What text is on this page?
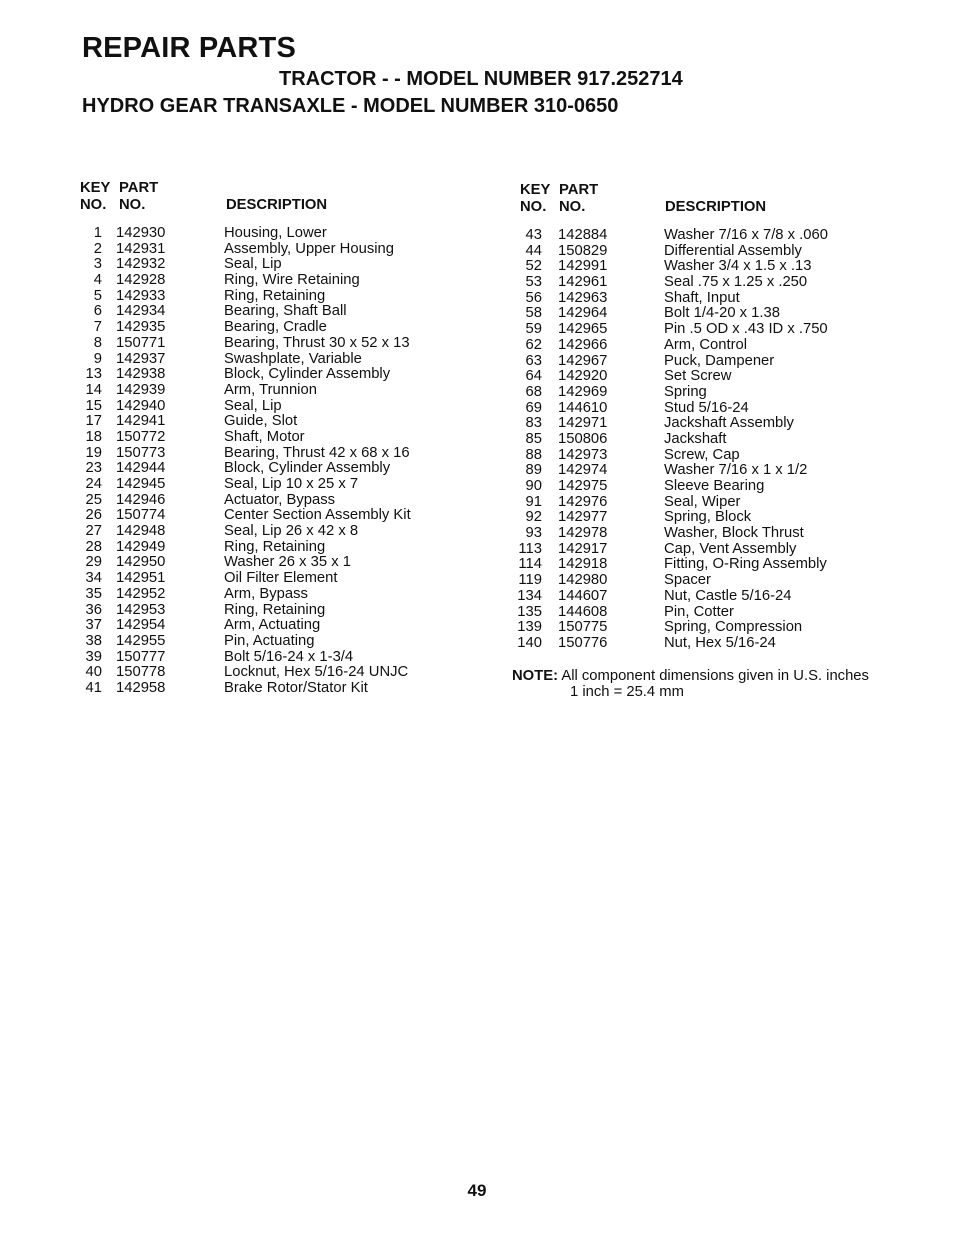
REPAIR PARTS
TRACTOR - - MODEL NUMBER 917.252714
HYDRO GEAR TRANSAXLE - MODEL NUMBER 310-0650
KEY
NO.
PART
NO.	DESCRIPTION
1 142930	Housing, Lower
2 142931	Assembly, Upper Housing
3 142932	Seal, Lip
4 142928	Ring, Wire Retaining
5 142933	Ring, Retaining
6 142934	Bearing, Shaft Ball
7 142935	Bearing, Cradle
8 150771	Bearing, Thrust 30 x 52 x 13
9 142937	Swashplate, Variable
13 142938	Block, Cylinder Assembly
14 142939	Arm, Trunnion
15 142940	Seal, Lip
17 142941	Guide, Slot
18 150772	Shaft, Motor
19 150773	Bearing, Thrust 42 x 68 x 16
23 142944	Block, Cylinder Assembly
24 142945	Seal, Lip 10 x 25 x 7
25 142946	Actuator, Bypass
26 150774	Center Section Assembly Kit
27 142948	Seal, Lip 26 x 42 x 8
28 142949	Ring, Retaining
29 142950	Washer 26 x 35 x 1
34 142951	Oil Filter Element
35 142952	Arm, Bypass
36 142953	Ring, Retaining
37 142954	Arm, Actuating
38 142955	Pin, Actuating
39 150777	Bolt 5/16-24 x 1-3/4
40 150778	Locknut, Hex 5/16-24 UNJC
41 142958	Brake Rotor/Stator Kit
KEY
NO.
PART
NO.	DESCRIPTION
43 142884	Washer 7/16 x 7/8 x .060
44 150829	Differential Assembly
52 142991	Washer 3/4 x 1.5 x .13
53 142961	Seal .75 x 1.25 x .250
56 142963	Shaft, Input
58 142964	Bolt 1/4-20 x 1.38
59 142965	Pin .5 OD x .43 ID x .750
62 142966	Arm, Control
63 142967	Puck, Dampener
64 142920	Set Screw
68 142969	Spring
69 144610	Stud 5/16-24
83 142971	Jackshaft Assembly
85 150806	Jackshaft
88 142973	Screw, Cap
89 142974	Washer 7/16 x 1 x 1/2
90 142975	Sleeve Bearing
91 142976	Seal, Wiper
92 142977	Spring, Block
93 142978	Washer, Block Thrust
113 142917	Cap, Vent Assembly
114 142918	Fitting, O-Ring Assembly
119 142980	Spacer
134 144607	Nut, Castle 5/16-24
135 144608	Pin, Cotter
139 150775	Spring, Compression
140 150776	Nut, Hex 5/16-24
NOTE: All component dimensions given in U.S. inches
1 inch = 25.4 mm
49
